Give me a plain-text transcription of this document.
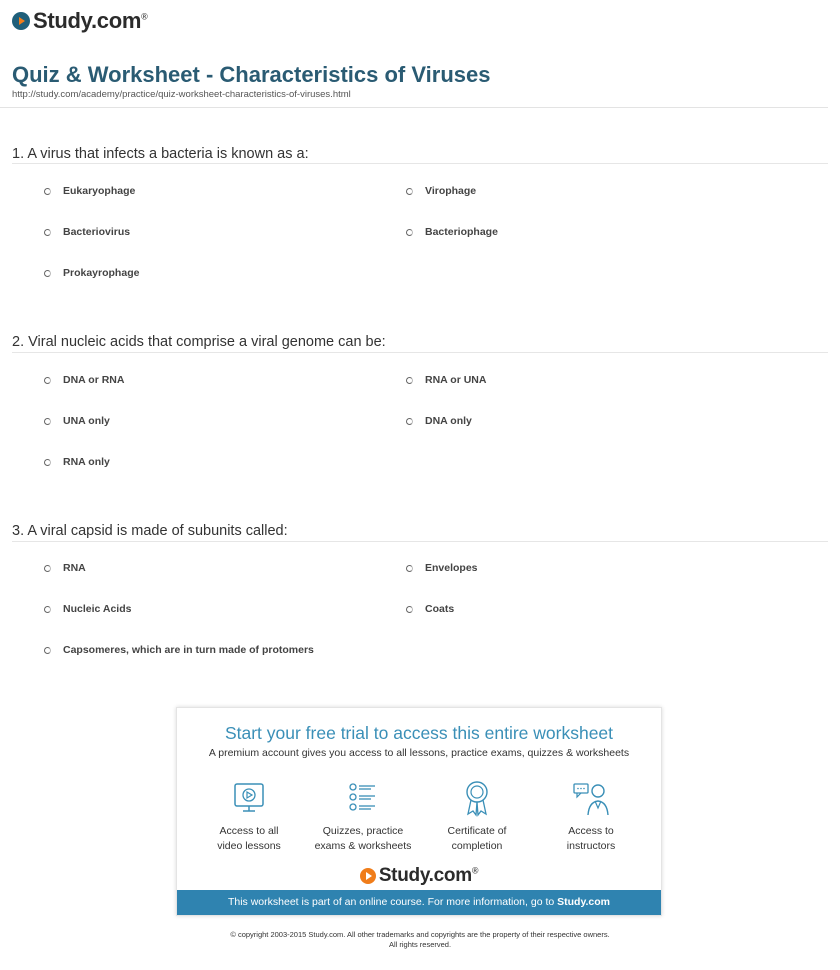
Study.com®
Quiz & Worksheet - Characteristics of Viruses
http://study.com/academy/practice/quiz-worksheet-characteristics-of-viruses.html
1. A virus that infects a bacteria is known as a:
Eukaryophage	Virophage
Bacteriovirus	Bacteriophage
Prokayrophage
2. Viral nucleic acids that comprise a viral genome can be:
DNA or RNA	RNA or UNA
UNA only	DNA only
RNA only
3. A viral capsid is made of subunits called:
RNA	Envelopes
Nucleic Acids	Coats
Capsomeres, which are in turn made of protomers
Start your free trial to access this entire worksheet
A premium account gives you access to all lessons, practice exams, quizzes & worksheets
Access to all
video lessons
Quizzes, practice
exams & worksheets
Certificate of
completion
Access to
instructors
Study.com®
This worksheet is part of an online course. For more information, go to Study.com
© copyright 2003-2015 Study.com. All other trademarks and copyrights are the property of their respective owners.
All rights reserved.
